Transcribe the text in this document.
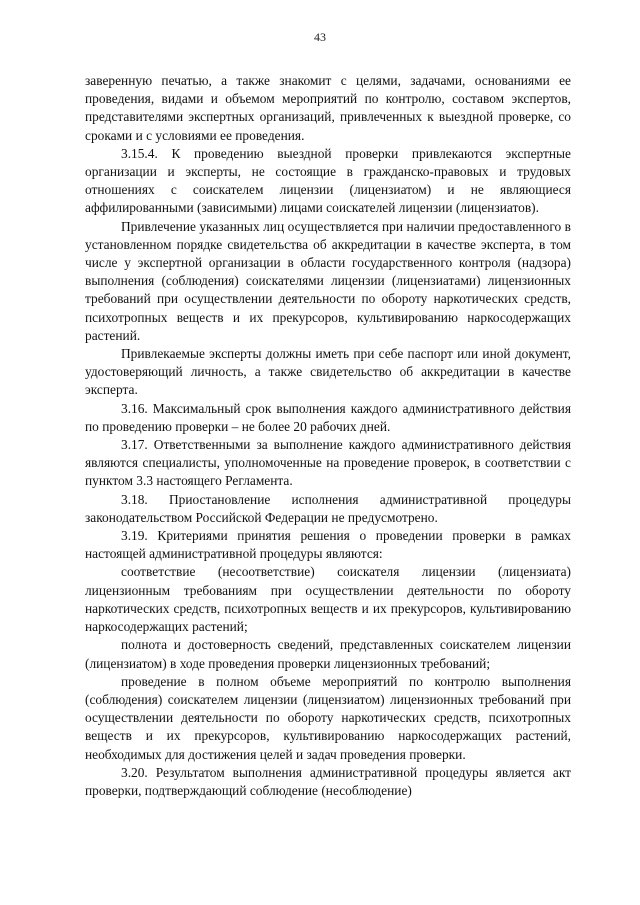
43

заверенную печатью, а также знакомит с целями, задачами, основаниями ее проведения, видами и объемом мероприятий по контролю, составом экспертов, представителями экспертных организаций, привлеченных к выездной проверке, со сроками и с условиями ее проведения.

3.15.4. К проведению выездной проверки привлекаются экспертные организации и эксперты, не состоящие в гражданско-правовых и трудовых отношениях с соискателем лицензии (лицензиатом) и не являющиеся аффилированными (зависимыми) лицами соискателей лицензии (лицензиатов).

Привлечение указанных лиц осуществляется при наличии предоставленного в установленном порядке свидетельства об аккредитации в качестве эксперта, в том числе у экспертной организации в области государственного контроля (надзора) выполнения (соблюдения) соискателями лицензии (лицензиатами) лицензионных требований при осуществлении деятельности по обороту наркотических средств, психотропных веществ и их прекурсоров, культивированию наркосодержащих растений.

Привлекаемые эксперты должны иметь при себе паспорт или иной документ, удостоверяющий личность, а также свидетельство об аккредитации в качестве эксперта.

3.16. Максимальный срок выполнения каждого административного действия по проведению проверки – не более 20 рабочих дней.

3.17. Ответственными за выполнение каждого административного действия являются специалисты, уполномоченные на проведение проверок, в соответствии с пунктом 3.3 настоящего Регламента.

3.18. Приостановление исполнения административной процедуры законодательством Российской Федерации не предусмотрено.

3.19. Критериями принятия решения о проведении проверки в рамках настоящей административной процедуры являются:

соответствие (несоответствие) соискателя лицензии (лицензиата) лицензионным требованиям при осуществлении деятельности по обороту наркотических средств, психотропных веществ и их прекурсоров, культивированию наркосодержащих растений;

полнота и достоверность сведений, представленных соискателем лицензии (лицензиатом) в ходе проведения проверки лицензионных требований;

проведение в полном объеме мероприятий по контролю выполнения (соблюдения) соискателем лицензии (лицензиатом) лицензионных требований при осуществлении деятельности по обороту наркотических средств, психотропных веществ и их прекурсоров, культивированию наркосодержащих растений, необходимых для достижения целей и задач проведения проверки.

3.20. Результатом выполнения административной процедуры является акт проверки, подтверждающий соблюдение (несоблюдение)
